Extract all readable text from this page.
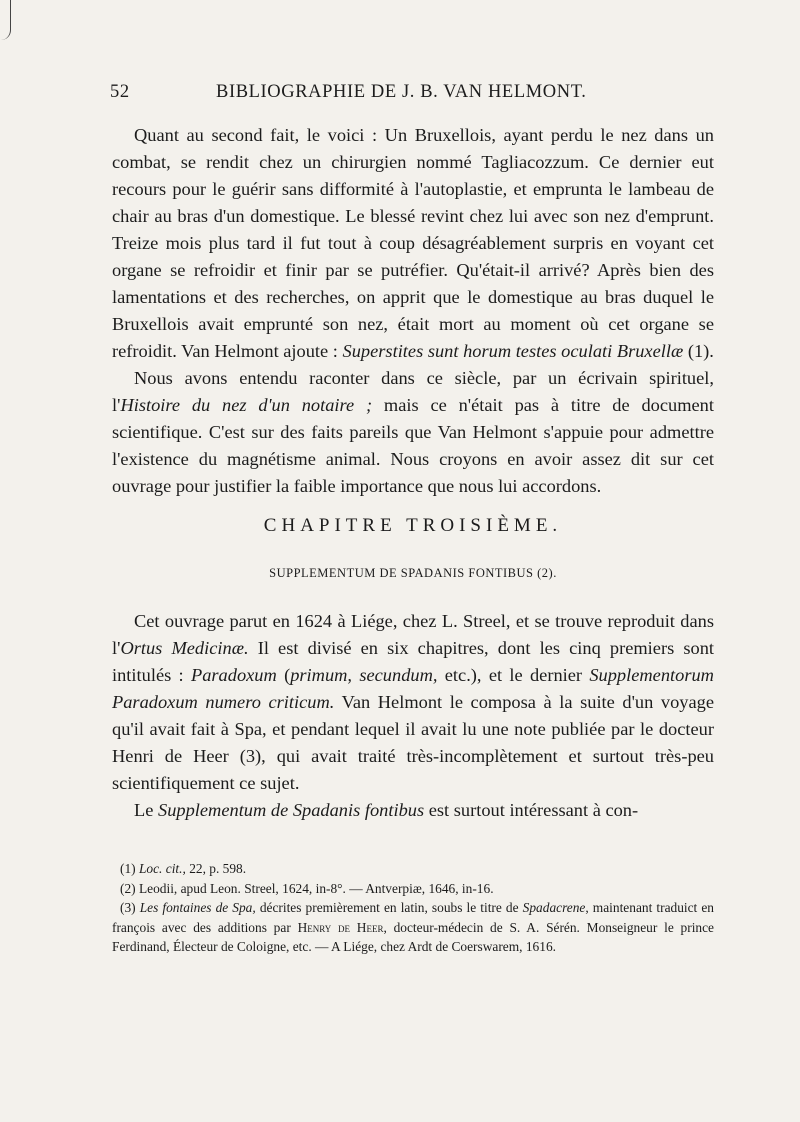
52	BIBLIOGRAPHIE DE J. B. VAN HELMONT.

Quant au second fait, le voici : Un Bruxellois, ayant perdu le nez dans un combat, se rendit chez un chirurgien nommé Tagliacozzum. Ce dernier eut recours pour le guérir sans difformité à l'autoplastie, et emprunta le lambeau de chair au bras d'un domestique. Le blessé revint chez lui avec son nez d'emprunt. Treize mois plus tard il fut tout à coup désagréablement surpris en voyant cet organe se refroidir et finir par se putréfier. Qu'était-il arrivé? Après bien des lamentations et des recherches, on apprit que le domestique au bras duquel le Bruxellois avait emprunté son nez, était mort au moment où cet organe se refroidit. Van Helmont ajoute : Superstites sunt horum testes oculati Bruxellæ (1).

Nous avons entendu raconter dans ce siècle, par un écrivain spirituel, l'Histoire du nez d'un notaire ; mais ce n'était pas à titre de document scientifique. C'est sur des faits pareils que Van Helmont s'appuie pour admettre l'existence du magnétisme animal. Nous croyons en avoir assez dit sur cet ouvrage pour justifier la faible importance que nous lui accordons.

CHAPITRE TROISIÈME.
SUPPLEMENTUM DE SPADANIS FONTIBUS (2).

Cet ouvrage parut en 1624 à Liége, chez L. Streel, et se trouve reproduit dans l'Ortus Medicinæ. Il est divisé en six chapitres, dont les cinq premiers sont intitulés : Paradoxum (primum, secundum, etc.), et le dernier Supplementorum Paradoxum numero criticum. Van Helmont le composa à la suite d'un voyage qu'il avait fait à Spa, et pendant lequel il avait lu une note publiée par le docteur Henri de Heer (3), qui avait traité très-incomplètement et surtout très-peu scientifiquement ce sujet.

Le Supplementum de Spadanis fontibus est surtout intéressant à con-

(1) Loc. cit., 22, p. 598.

(2) Leodii, apud Leon. Streel, 1624, in-8°. — Antverpiæ, 1646, in-16.

(3) Les fontaines de Spa, décrites premièrement en latin, soubs le titre de Spadacrene, maintenant traduict en françois avec des additions par Henry de Heer, docteur-médecin de S. A. Sérén. Monseigneur le prince Ferdinand, Électeur de Coloigne, etc. — A Liége, chez Ardt de Coerswarem, 1616.
